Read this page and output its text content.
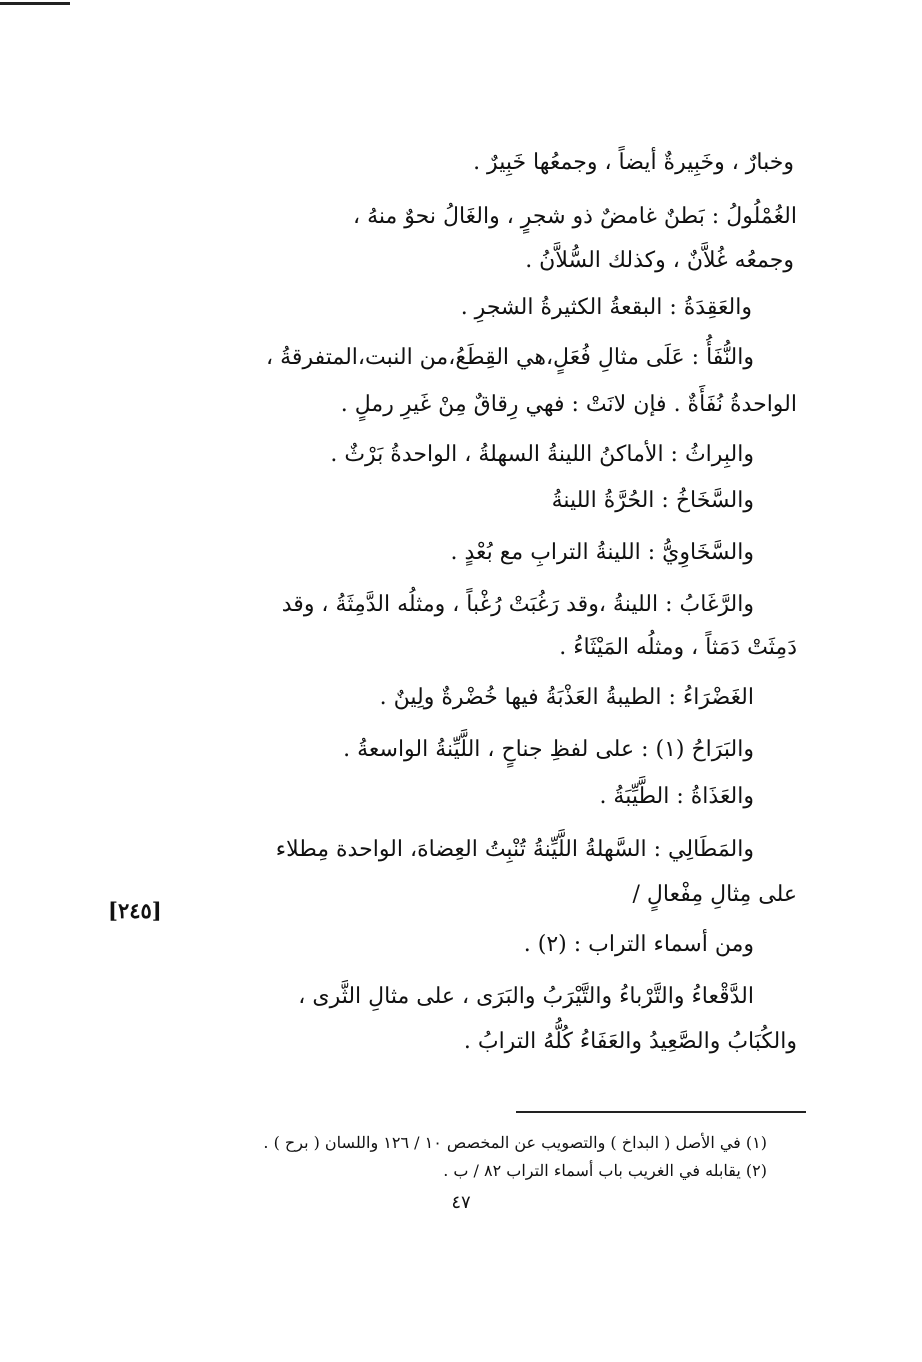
وخبارٌ ، وخَبِيرةٌ أيضاً ، وجمعُها خَبِيرٌ .
الغُمْلُولُ : بَطنٌ غامضٌ ذو شجرٍ ، والغَالُ نحوٌ منهُ ،
وجمعُه غُلاَّنٌ ، وكذلك السُّلاَّنُ .
والعَقِدَةُ : البقعةُ الكثيرةُ الشجرِ .
والنُّفَأُ : عَلَى مثالِ فُعَلٍ،هي القِطَعُ،من النبت،المتفرقةُ ،
الواحدةُ نُفَأَةٌ . فإن لانَتْ : فهي رِقاقٌ مِنْ غَيرِ رملٍ .
والبِراثُ : الأماكنُ اللينةُ السهلةُ ، الواحدةُ بَرْثٌ .
والسَّخَاخُ : الحُرَّةُ اللينةُ
والسَّخَاوِيُّ : اللينةُ الترابِ مع بُعْدٍ .
والرَّغَابُ : اللينةُ ،وقد رَغُبَتْ رُغْباً ، ومثلُه الدَّمِثَةُ ، وقد
دَمِثَتْ دَمَثاً ، ومثلُه المَيْثَاءُ .
الغَضْرَاءُ : الطيبةُ العَذْبَةُ فيها خُضْرةٌ ولِينٌ .
والبَرَاحُ (١) : على لفظِ جناحٍ ، اللَّيِّنةُ الواسعةُ .
والعَذَاةُ : الطَّيِّبَةُ .
والمَطَالِي : السَّهلةُ اللَّيِّنةُ تُنْبِتُ العِضاهَ، الواحدة مِطلاء
على مِثالِ مِفْعالٍ /
ومن أسماء التراب : (٢) .
الدَّقْعاءُ والتَّرْباءُ والتَّيْرَبُ والبَرَى ، على مثالِ الثَّرى ،
والكُبَابُ والصَّعِيدُ والعَفَاءُ كُلُّهُ الترابُ .
[٢٤٥]
(١) في الأصل ( البداخ ) والتصويب عن المخصص ١٠ / ١٢٦ واللسان ( برح ) .
(٢) يقابله في الغريب باب أسماء التراب ٨٢ / ب .
٤٧
